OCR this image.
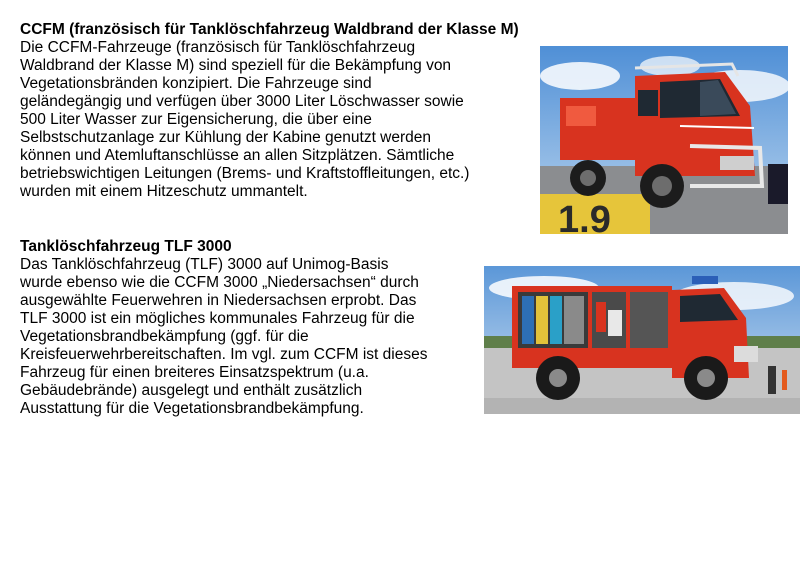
CCFM (französisch für Tanklöschfahrzeug Waldbrand der Klasse M)

Die CCFM-Fahrzeuge (französisch für Tanklöschfahrzeug

Waldbrand der Klasse M) sind speziell für die Bekämpfung von

Vegetationsbränden konzipiert. Die Fahrzeuge sind

geländegängig und verfügen über 3000 Liter Löschwasser sowie

500 Liter Wasser zur Eigensicherung, die über eine

Selbstschutzanlage zur Kühlung der Kabine genutzt werden

können und Atemluftanschlüsse an allen Sitzplätzen. Sämtliche

betriebswichtigen Leitungen (Brems- und Kraftstoffleitungen, etc.)

wurden mit einem Hitzeschutz ummantelt.

1.9

Tanklöschfahrzeug TLF 3000

Das Tanklöschfahrzeug (TLF) 3000 auf Unimog-Basis

wurde ebenso wie die CCFM 3000 „Niedersachsen“ durch

ausgewählte Feuerwehren in Niedersachsen erprobt. Das

TLF 3000 ist ein mögliches kommunales Fahrzeug für die

Vegetationsbrandbekämpfung (ggf. für die

Kreisfeuerwehrbereitschaften. Im vgl. zum CCFM ist dieses

Fahrzeug für einen breiteres Einsatzspektrum (u.a.

Gebäudebrände) ausgelegt und enthält zusätzlich

Ausstattung für die Vegetationsbrandbekämpfung.
